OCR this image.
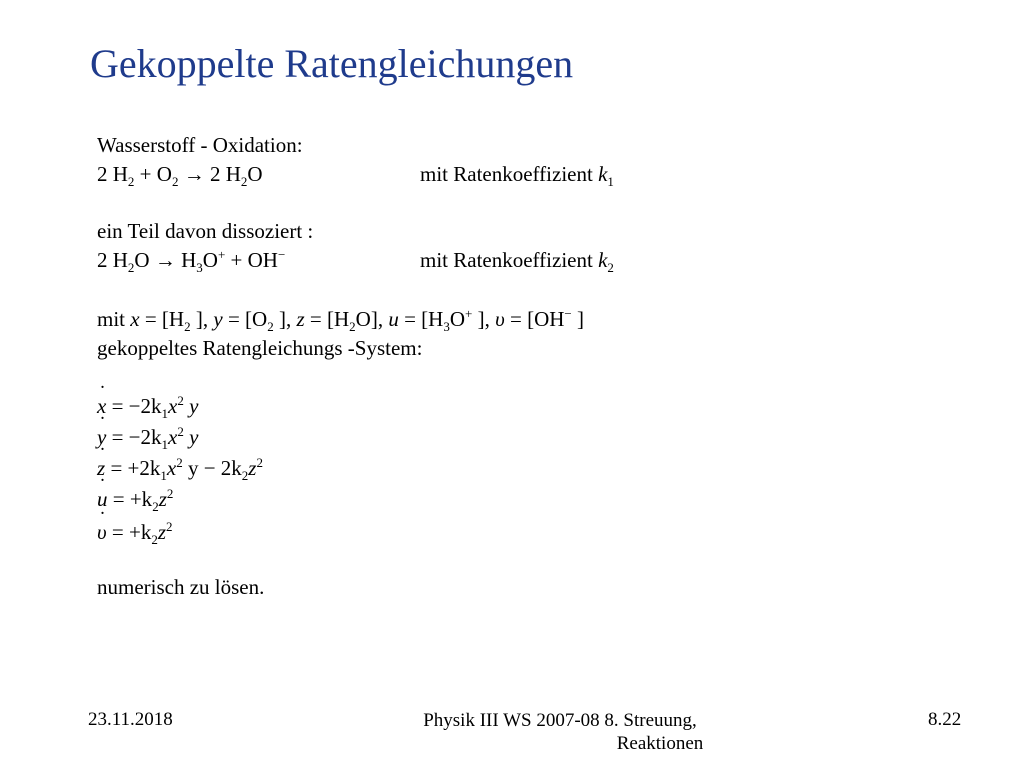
Gekoppelte Ratengleichungen
Wasserstoff - Oxidation:
2 $H_2 + O_2 \to 2$ $H_2O$	mit Ratenkoeffizient $k_1$
ein Teil davon dissoziert :
2 $H_2O \to H_3O^+ + OH^-$	mit Ratenkoeffizient $k_2$
mit $x = [H_2$ ], $y = [O_2$ ], $z = [H_2O]$, $u = [H_3O^+$ ], υ = [OH− ]
gekoppeltes Ratengleichungs -System:
˙ $x = -2k_1x^2$ y
˙ $y = -2k_1x^2$ y
˙ $z = +2k_1x^2$ $y - 2k_2z^2$
˙ $u = +k_2z^2$
˙ $\upsilon = +k_2z^2$
numerisch zu lösen.
23.11.2018	Physik III WS 2007-08 8. Streuung,
Reaktionen
8.22
